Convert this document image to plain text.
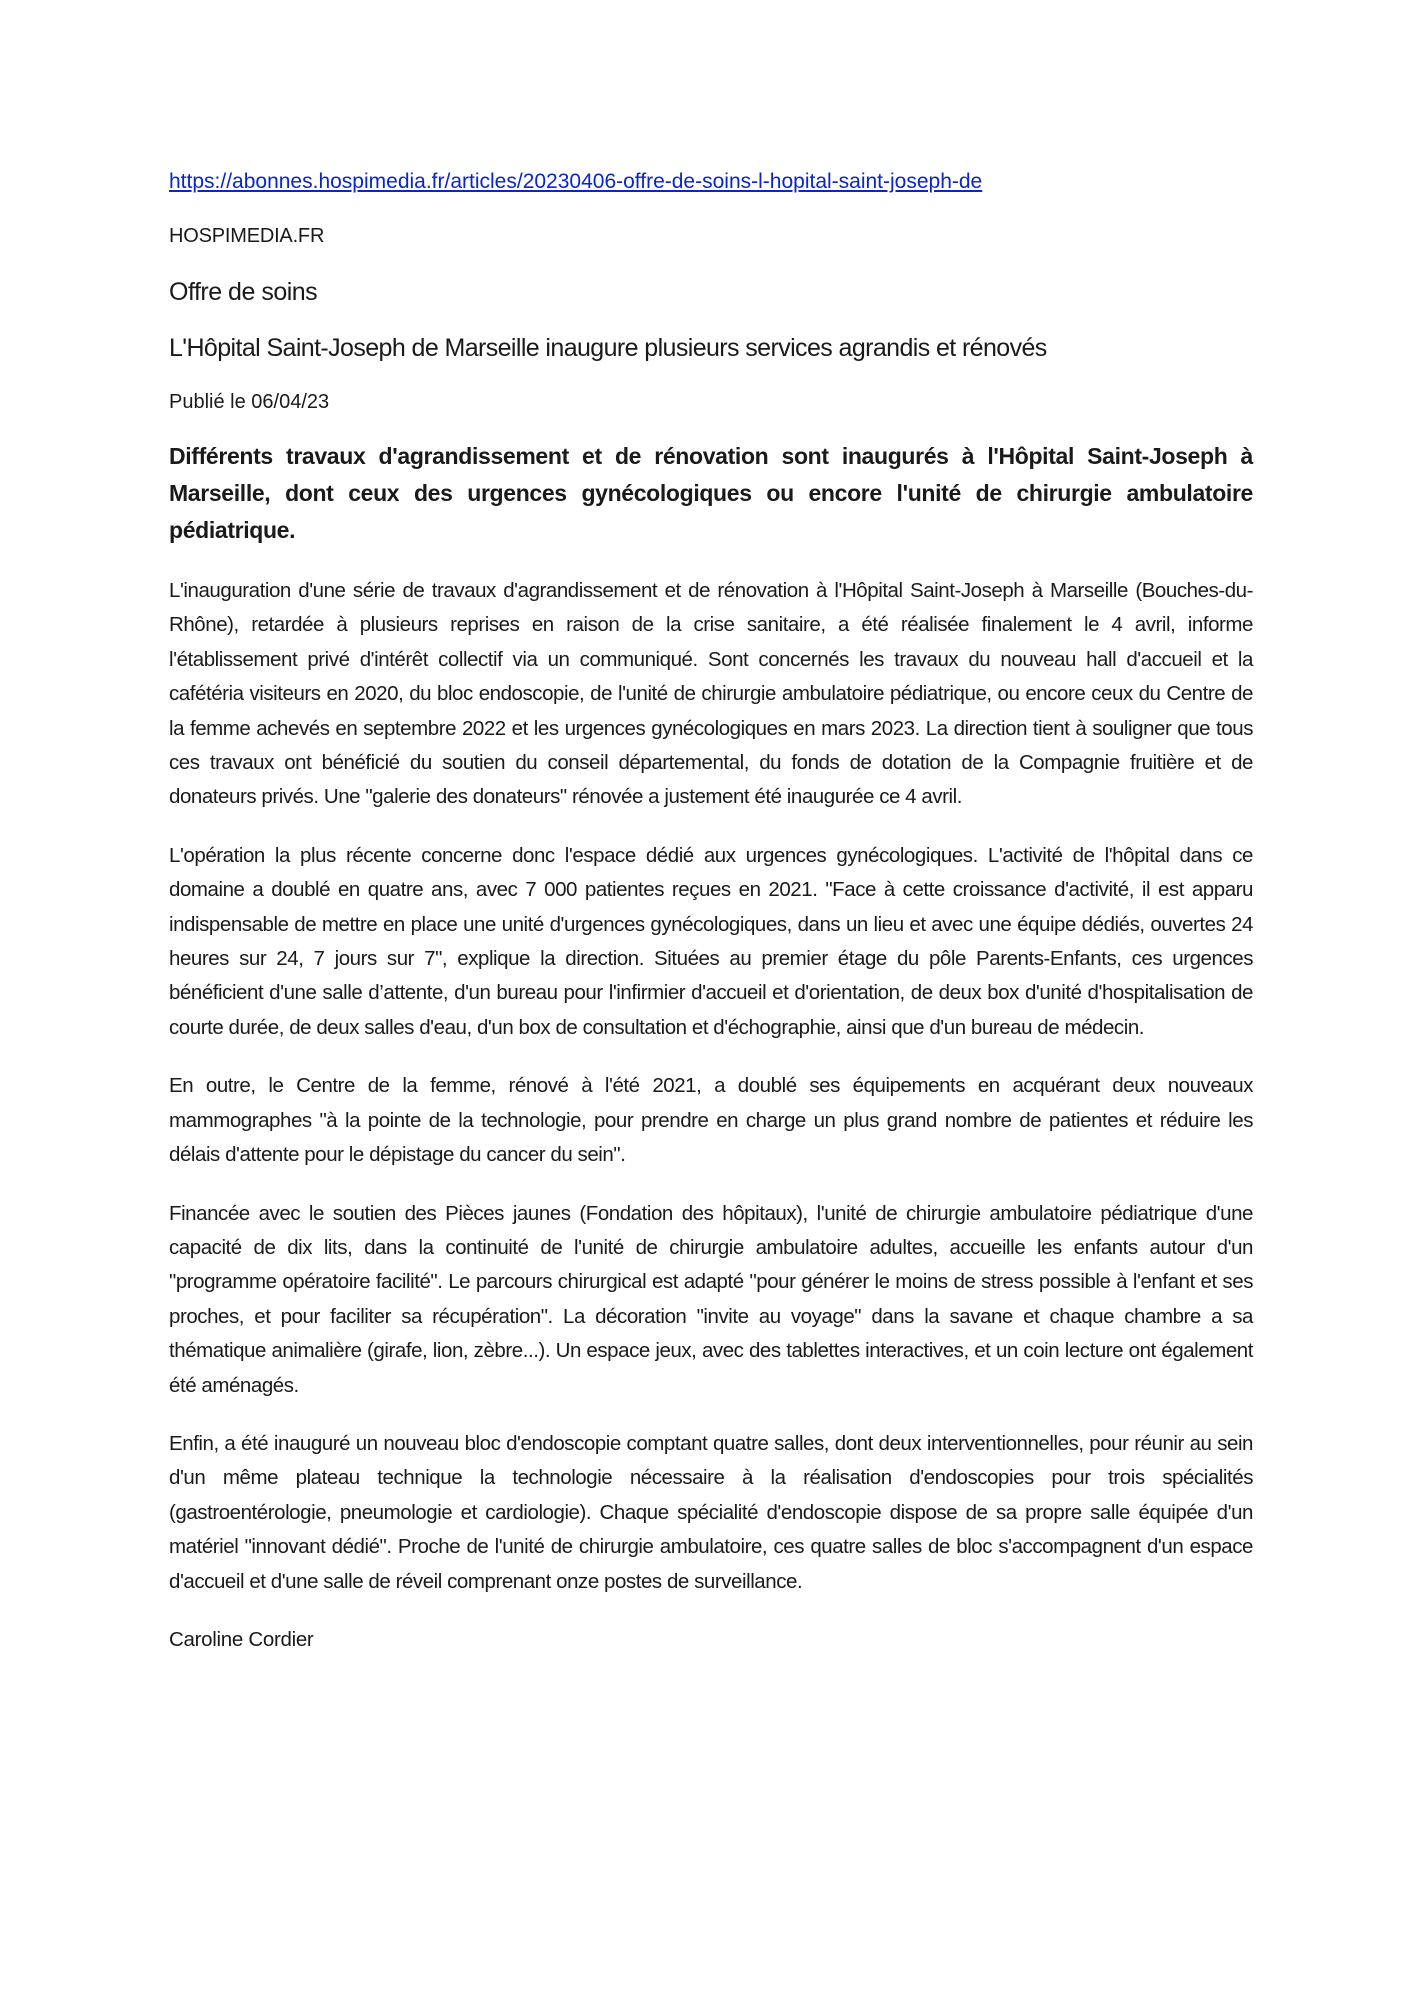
https://abonnes.hospimedia.fr/articles/20230406-offre-de-soins-l-hopital-saint-joseph-de

HOSPIMEDIA.FR

Offre de soins

L'Hôpital Saint-Joseph de Marseille inaugure plusieurs services agrandis et rénovés

Publié le 06/04/23

Différents travaux d'agrandissement et de rénovation sont inaugurés à l'Hôpital Saint-Joseph à Marseille, dont ceux des urgences gynécologiques ou encore l'unité de chirurgie ambulatoire pédiatrique.

L'inauguration d'une série de travaux d'agrandissement et de rénovation à l'Hôpital Saint-Joseph à Marseille (Bouches-du-Rhône), retardée à plusieurs reprises en raison de la crise sanitaire, a été réalisée finalement le 4 avril, informe l'établissement privé d'intérêt collectif via un communiqué. Sont concernés les travaux du nouveau hall d'accueil et la cafétéria visiteurs en 2020, du bloc endoscopie, de l'unité de chirurgie ambulatoire pédiatrique, ou encore ceux du Centre de la femme achevés en septembre 2022 et les urgences gynécologiques en mars 2023. La direction tient à souligner que tous ces travaux ont bénéficié du soutien du conseil départemental, du fonds de dotation de la Compagnie fruitière et de donateurs privés. Une "galerie des donateurs" rénovée a justement été inaugurée ce 4 avril.

L'opération la plus récente concerne donc l'espace dédié aux urgences gynécologiques. L'activité de l'hôpital dans ce domaine a doublé en quatre ans, avec 7 000 patientes reçues en 2021. "Face à cette croissance d'activité, il est apparu indispensable de mettre en place une unité d'urgences gynécologiques, dans un lieu et avec une équipe dédiés, ouvertes 24 heures sur 24, 7 jours sur 7", explique la direction. Situées au premier étage du pôle Parents-Enfants, ces urgences bénéficient d'une salle d’attente, d'un bureau pour l'infirmier d'accueil et d'orientation, de deux box d'unité d'hospitalisation de courte durée, de deux salles d'eau, d'un box de consultation et d'échographie, ainsi que d'un bureau de médecin.

En outre, le Centre de la femme, rénové à l'été 2021, a doublé ses équipements en acquérant deux nouveaux mammographes "à la pointe de la technologie, pour prendre en charge un plus grand nombre de patientes et réduire les délais d'attente pour le dépistage du cancer du sein".

Financée avec le soutien des Pièces jaunes (Fondation des hôpitaux), l'unité de chirurgie ambulatoire pédiatrique d'une capacité de dix lits, dans la continuité de l'unité de chirurgie ambulatoire adultes, accueille les enfants autour d'un "programme opératoire facilité". Le parcours chirurgical est adapté "pour générer le moins de stress possible à l'enfant et ses proches, et pour faciliter sa récupération". La décoration "invite au voyage" dans la savane et chaque chambre a sa thématique animalière (girafe, lion, zèbre...). Un espace jeux, avec des tablettes interactives, et un coin lecture ont également été aménagés.

Enfin, a été inauguré un nouveau bloc d'endoscopie comptant quatre salles, dont deux interventionnelles, pour réunir au sein d'un même plateau technique la technologie nécessaire à la réalisation d'endoscopies pour trois spécialités (gastroentérologie, pneumologie et cardiologie). Chaque spécialité d'endoscopie dispose de sa propre salle équipée d'un matériel "innovant dédié". Proche de l'unité de chirurgie ambulatoire, ces quatre salles de bloc s'accompagnent d'un espace d'accueil et d'une salle de réveil comprenant onze postes de surveillance.

Caroline Cordier
